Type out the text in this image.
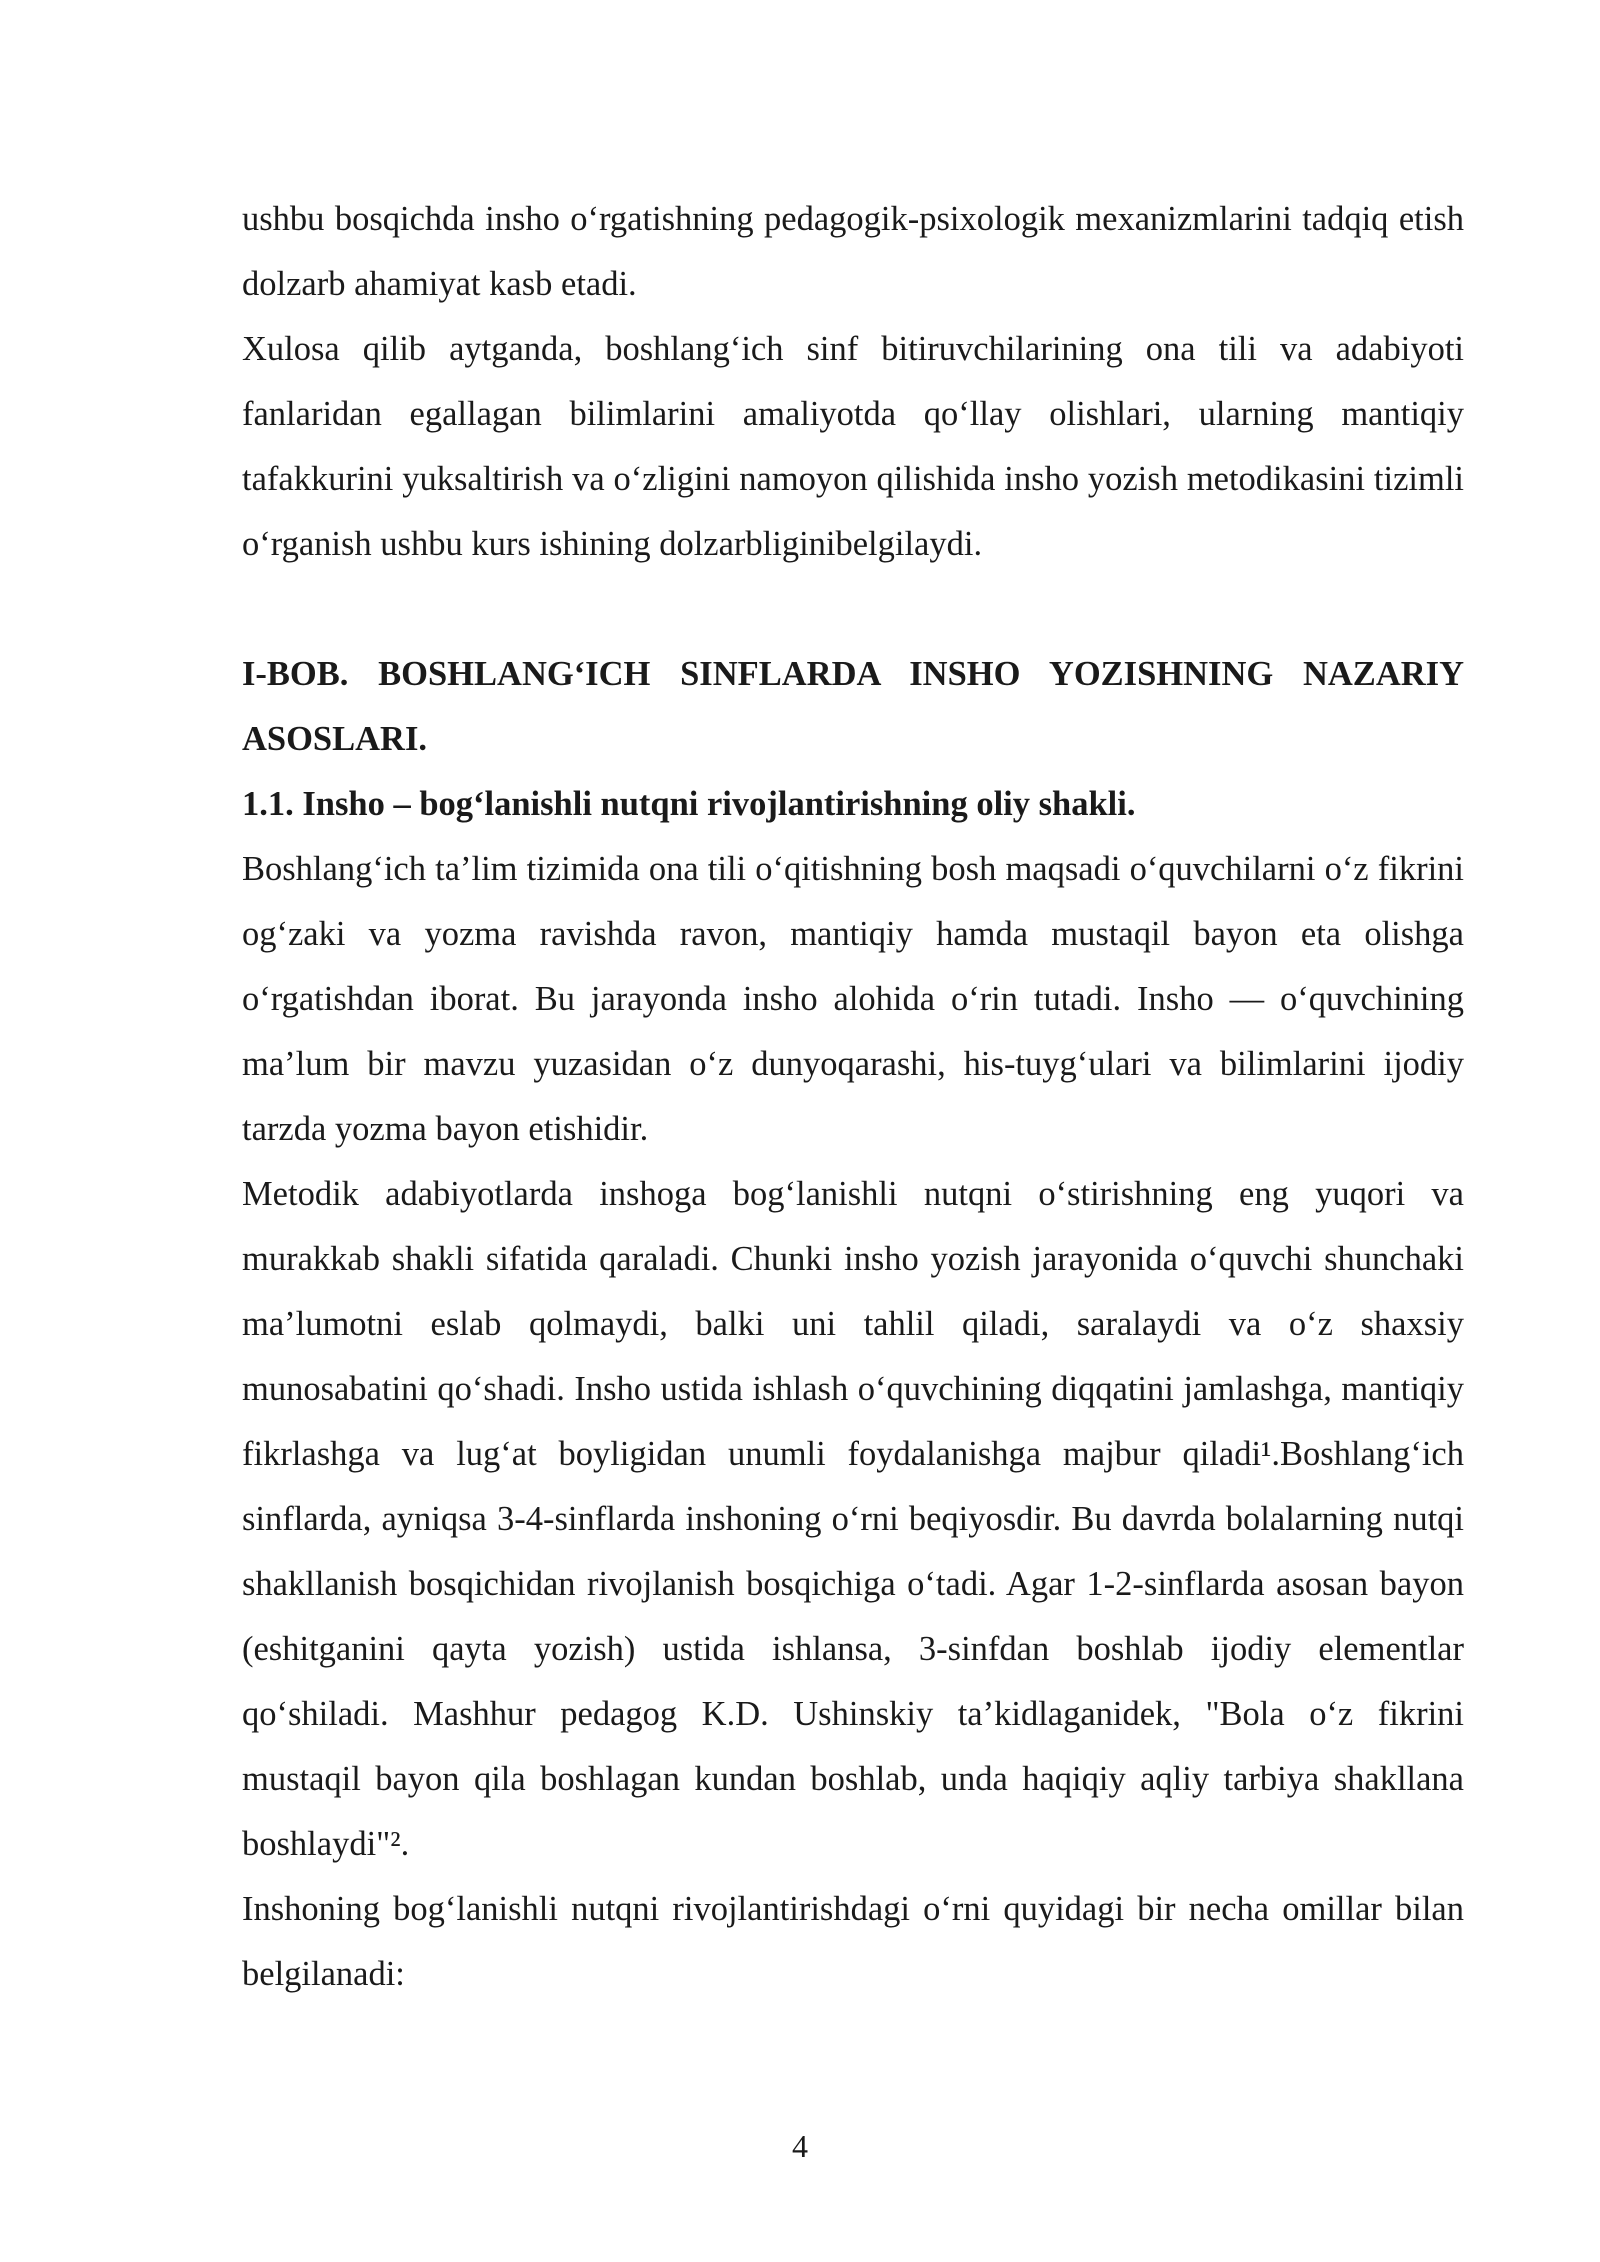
ushbu bosqichda insho o‘rgatishning pedagogik-psixologik mexanizmlarini tadqiq etish dolzarb ahamiyat kasb etadi.

Xulosa qilib aytganda, boshlang‘ich sinf bitiruvchilarining ona tili va adabiyoti fanlaridan egallagan bilimlarini amaliyotda qo‘llay olishlari, ularning mantiqiy tafakkurini yuksaltirish va o‘zligini namoyon qilishida insho yozish metodikasini tizimli o‘rganish ushbu kurs ishining dolzarbliginibelgilaydi.

I-BOB. BOSHLANG‘ICH SINFLARDA INSHO YOZISHNING NAZARIY ASOSLARI.

1.1. Insho – bog‘lanishli nutqni rivojlantirishning oliy shakli.

Boshlang‘ich ta’lim tizimida ona tili o‘qitishning bosh maqsadi o‘quvchilarni o‘z fikrini og‘zaki va yozma ravishda ravon, mantiqiy hamda mustaqil bayon eta olishga o‘rgatishdan iborat. Bu jarayonda insho alohida o‘rin tutadi. Insho — o‘quvchining ma’lum bir mavzu yuzasidan o‘z dunyoqarashi, his-tuyg‘ulari va bilimlarini ijodiy tarzda yozma bayon etishidir.

Metodik adabiyotlarda inshoga bog‘lanishli nutqni o‘stirishning eng yuqori va murakkab shakli sifatida qaraladi. Chunki insho yozish jarayonida o‘quvchi shunchaki ma’lumotni eslab qolmaydi, balki uni tahlil qiladi, saralaydi va o‘z shaxsiy munosabatini qo‘shadi. Insho ustida ishlash o‘quvchining diqqatini jamlashga, mantiqiy fikrlashga va lug‘at boyligidan unumli foydalanishga majbur qiladi¹.Boshlang‘ich sinflarda, ayniqsa 3-4-sinflarda inshoning o‘rni beqiyosdir. Bu davrda bolalarning nutqi shakllanish bosqichidan rivojlanish bosqichiga o‘tadi. Agar 1-2-sinflarda asosan bayon (eshitganini qayta yozish) ustida ishlansa, 3-sinfdan boshlab ijodiy elementlar qo‘shiladi. Mashhur pedagog K.D. Ushinskiy ta’kidlaganidek, "Bola o‘z fikrini mustaqil bayon qila boshlagan kundan boshlab, unda haqiqiy aqliy tarbiya shakllana boshlaydi"².

Inshoning bog‘lanishli nutqni rivojlantirishdagi o‘rni quyidagi bir necha omillar bilan belgilanadi:

4
